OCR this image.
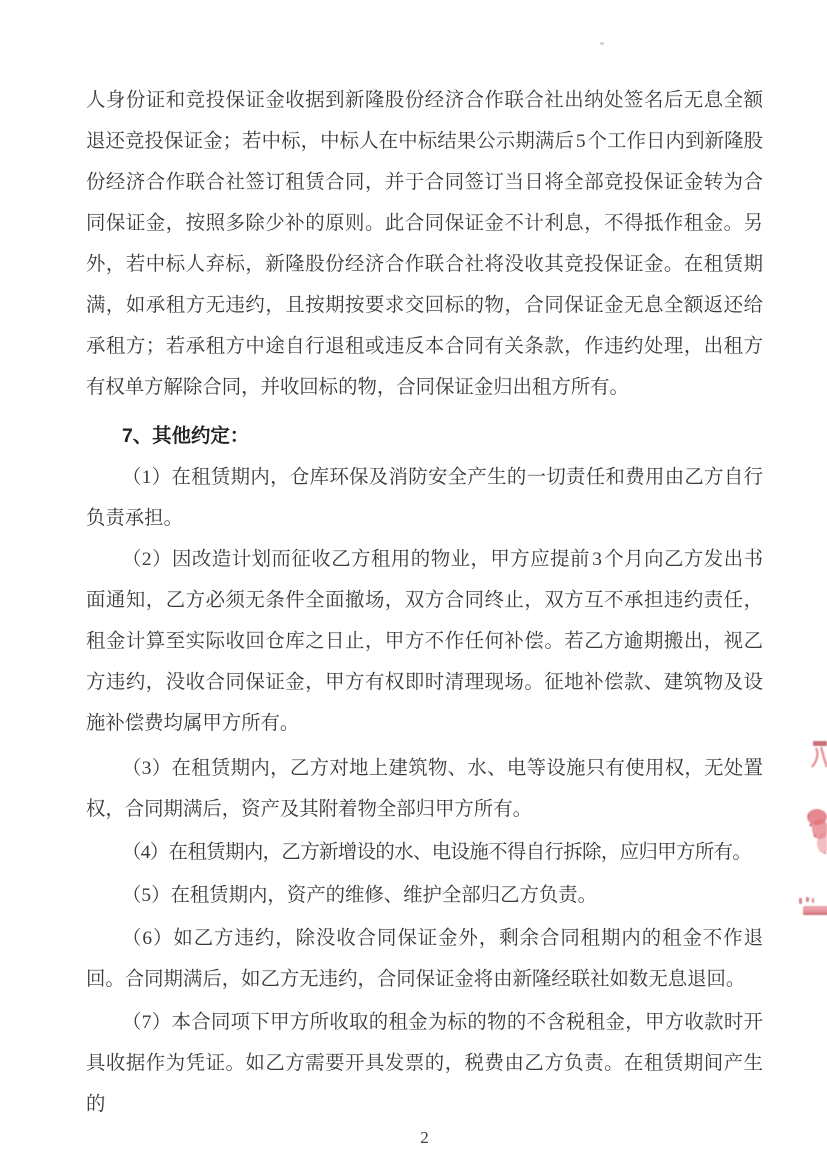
人身份证和竞投保证金收据到新隆股份经济合作联合社出纳处签名后无息全额退还竞投保证金；若中标，中标人在中标结果公示期满后 5 个工作日内到新隆股份经济合作联合社签订租赁合同，并于合同签订当日将全部竞投保证金转为合同保证金，按照多除少补的原则。此合同保证金不计利息，不得抵作租金。另外，若中标人弃标，新隆股份经济合作联合社将没收其竞投保证金。在租赁期满，如承租方无违约，且按期按要求交回标的物，合同保证金无息全额返还给承租方；若承租方中途自行退租或违反本合同有关条款，作违约处理，出租方有权单方解除合同，并收回标的物，合同保证金归出租方所有。

7、其他约定：

（1）在租赁期内，仓库环保及消防安全产生的一切责任和费用由乙方自行负责承担。

（2）因改造计划而征收乙方租用的物业，甲方应提前 3 个月向乙方发出书面通知，乙方必须无条件全面撤场，双方合同终止，双方互不承担违约责任，租金计算至实际收回仓库之日止，甲方不作任何补偿。若乙方逾期搬出，视乙方违约，没收合同保证金，甲方有权即时清理现场。征地补偿款、建筑物及设施补偿费均属甲方所有。

（3）在租赁期内，乙方对地上建筑物、水、电等设施只有使用权，无处置权，合同期满后，资产及其附着物全部归甲方所有。

（4）在租赁期内，乙方新增设的水、电设施不得自行拆除，应归甲方所有。

（5）在租赁期内，资产的维修、维护全部归乙方负责。

（6）如乙方违约，除没收合同保证金外，剩余合同租期内的租金不作退回。合同期满后，如乙方无违约，合同保证金将由新隆经联社如数无息退回。

（7）本合同项下甲方所收取的租金为标的物的不含税租金，甲方收款时开具收据作为凭证。如乙方需要开具发票的，税费由乙方负责。在租赁期间产生的

2
